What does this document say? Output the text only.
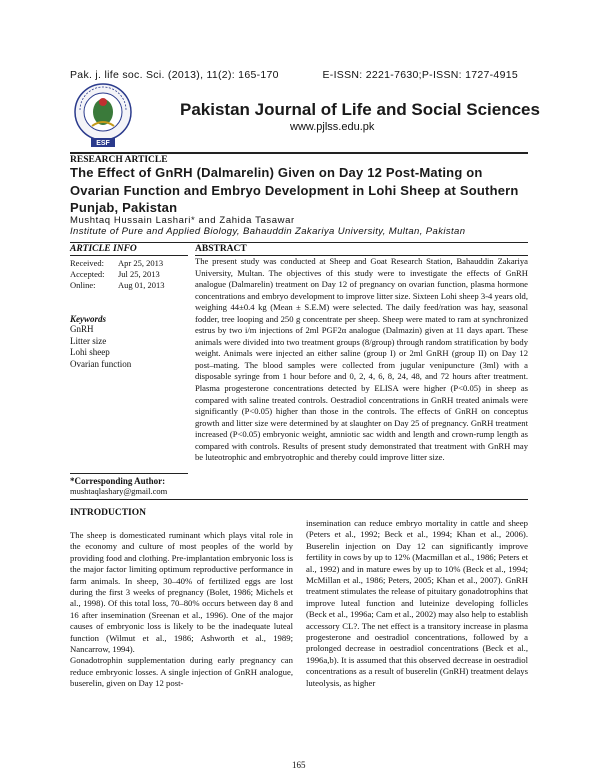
Pak. j. life soc. Sci. (2013), 11(2): 165-170	E-ISSN: 2221-7630;P-ISSN: 1727-4915
ESF
Pakistan Journal of Life and Social Sciences
www.pjlss.edu.pk
RESEARCH ARTICLE
The Effect of GnRH (Dalmarelin) Given on Day 12 Post-Mating on Ovarian Function and Embryo Development in Lohi Sheep at Southern Punjab, Pakistan
Mushtaq Hussain Lashari* and Zahida Tasawar
Institute of Pure and Applied Biology, Bahauddin Zakariya University, Multan, Pakistan
ARTICLE INFO
Received:	Apr 25, 2013
Accepted:	Jul 25, 2013
Online:	Aug 01, 2013
Keywords
GnRH
Litter size
Lohi sheep
Ovarian function
*Corresponding Author:
mushtaqlashary@gmail.com
ABSTRACT
The present study was conducted at Sheep and Goat Research Station, Bahauddin Zakariya University, Multan. The objectives of this study were to investigate the effects of GnRH analogue (Dalmarelin) treatment on Day 12 of pregnancy on ovarian function, plasma hormone concentrations and embryo development to improve litter size. Sixteen Lohi sheep 3-4 years old, weighing 44±0.4 kg (Mean ± S.E.M) were selected. The daily feed/ration was hay, seasonal fodder, tree looping and 250 g concentrate per sheep. Sheep were mated to ram at synchronized estrus by two i/m injections of 2ml PGF2α analogue (Dalmazin) given at 11 days apart. These animals were divided into two treatment groups (8/group) through random stratification by body weight. Animals were injected an either saline (group I) or 2ml GnRH (group II) on Day 12 post–mating. The blood samples were collected from jugular venipuncture (3ml) with a disposable syringe from 1 hour before and 0, 2, 4, 6, 8, 24, 48, and 72 hours after treatment. Plasma progesterone concentrations detected by ELISA were higher (P<0.05) in sheep as compared with saline treated controls. Oestradiol concentrations in GnRH treated animals were significantly (P<0.05) higher than those in the controls. The effects of GnRH on conceptus growth and litter size were determined by at slaughter on Day 25 of pregnancy. GnRH treatment increased (P<0.05) embryonic weight, amniotic sac width and length and crown-rump length as compared with controls. Results of present study demonstrated that treatment with GnRH may be luteotrophic and embryotrophic and thereby could improve litter size.
INTRODUCTION

The sheep is domesticated ruminant which plays vital role in the economy and culture of most peoples of the world by providing food and clothing. Pre-implantation embryonic loss is the major factor limiting optimum reproductive performance in farm animals. In sheep, 30–40% of fertilized eggs are lost during the first 3 weeks of pregnancy (Bolet, 1986; Michels et al., 1998). Of this total loss, 70–80% occurs between day 8 and 16 after insemination (Sreenan et al., 1996). One of the major causes of embryonic loss is likely to be the inadequate luteal function (Wilmut et al., 1986; Ashworth et al., 1989; Nancarrow, 1994).

Gonadotrophin supplementation during early pregnancy can reduce embryonic losses. A single injection of GnRH analogue, buserelin, given on Day 12 post-

insemination can reduce embryo mortality in cattle and sheep (Peters et al., 1992; Beck et al., 1994; Khan et al., 2006). Buserelin injection on Day 12 can significantly improve fertility in cows by up to 12% (Macmillan et al., 1986; Peters et al., 1992) and in mature ewes by up to 10% (Beck et al., 1994; McMillan et al., 1986; Peters, 2005; Khan et al., 2007). GnRH treatment stimulates the release of pituitary gonadotrophins that improve luteal function and luteinize developing follicles (Beck et al., 1996a; Cam et al., 2002) may also help to establish accessory CL?. The net effect is a transitory increase in plasma progesterone and oestradiol concentrations, followed by a prolonged decrease in oestradiol concentrations (Beck et al., 1996a,b). It is assumed that this observed decrease in oestradiol concentrations as a result of buserelin (GnRH) treatment delays luteolysis, as higher

165
